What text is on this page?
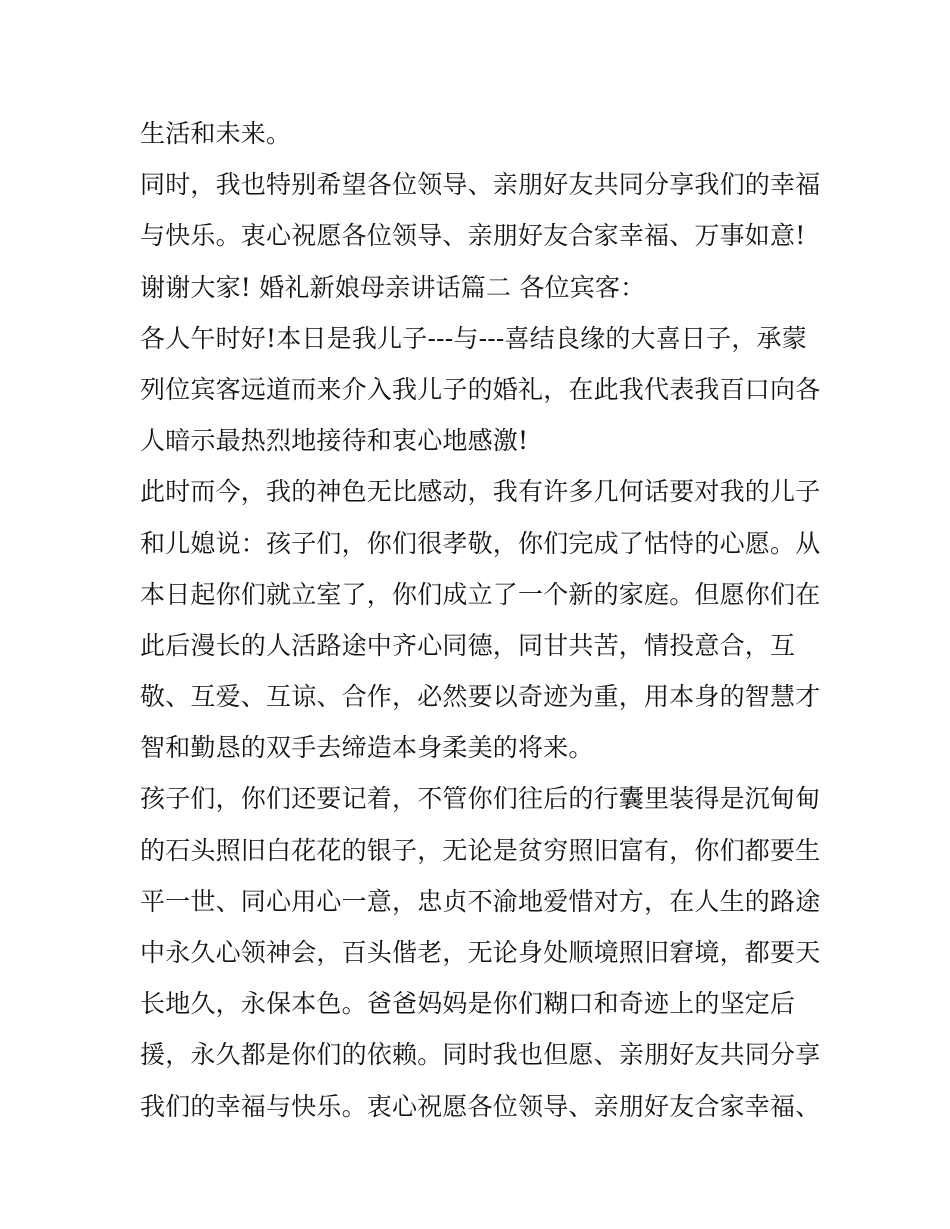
生活和未来。
同时，我也特别希望各位领导、亲朋好友共同分享我们的幸福
与快乐。衷心祝愿各位领导、亲朋好友合家幸福、万事如意!
谢谢大家! 婚礼新娘母亲讲话篇二 各位宾客：
各人午时好!本日是我儿子---与---喜结良缘的大喜日子，承蒙
列位宾客远道而来介入我儿子的婚礼，在此我代表我百口向各
人暗示最热烈地接待和衷心地感激!
此时而今，我的神色无比感动，我有许多几何话要对我的儿子
和儿媳说：孩子们，你们很孝敬，你们完成了怙恃的心愿。从
本日起你们就立室了，你们成立了一个新的家庭。但愿你们在
此后漫长的人活路途中齐心同德，同甘共苦，情投意合，互
敬、互爱、互谅、合作，必然要以奇迹为重，用本身的智慧才
智和勤恳的双手去缔造本身柔美的将来。
孩子们，你们还要记着，不管你们往后的行囊里装得是沉甸甸
的石头照旧白花花的银子，无论是贫穷照旧富有，你们都要生
平一世、同心用心一意，忠贞不渝地爱惜对方，在人生的路途
中永久心领神会，百头偕老，无论身处顺境照旧窘境，都要天
长地久，永保本色。爸爸妈妈是你们糊口和奇迹上的坚定后
援，永久都是你们的依赖。同时我也但愿、亲朋好友共同分享
我们的幸福与快乐。衷心祝愿各位领导、亲朋好友合家幸福、
